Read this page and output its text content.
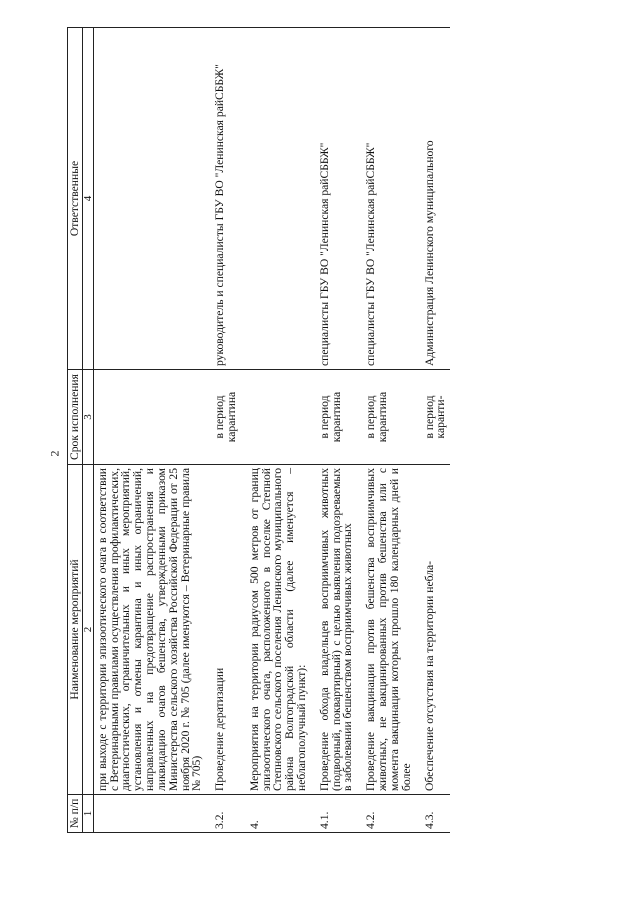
2
№ п/п	Наименование мероприятий	Срок исполнения	Ответственные
1	2	3	4
	при выходе с территории эпизоотического очага в соответствии с Ветеринарными правилами осуществления профилактических, диагностических, ограничительных и иных мероприятий, установления и отмены карантина и иных ограничений, направленных на предотвращение распространения и ликвидацию очагов бешенства, утвержденными приказом Министерства сельского хозяйства Российской Федерации от 25 ноября 2020 г. № 705 (далее именуются – Ветеринарные правила № 705)		
3.2.	Проведение дератизации	в период карантина	руководитель и специалисты ГБУ ВО "Ленинская райСББЖ"
4.	Мероприятия на территории радиусом 500 метров от границ эпизоотического очага, расположенного в поселке Степной Степновского сельского поселения Ленинского муниципального района Волгоградской области (далее именуется – неблагополучный пункт):		
4.1.	Проведение обхода владельцев восприимчивых животных (подворный, поквартирный) с целью выявления подозреваемых в заболевании бешенством восприимчивых животных	в период карантина	специалисты ГБУ ВО "Ленинская райСББЖ"
4.2.	Проведение вакцинации против бешенства восприимчивых животных, не вакцинированных против бешенства или с момента вакцинации которых прошло 180 календарных дней и более	в период карантина	специалисты ГБУ ВО "Ленинская райСББЖ"
4.3.	Обеспечение отсутствия на территории небла-	в период каранти-	Администрация Ленинского муниципального
